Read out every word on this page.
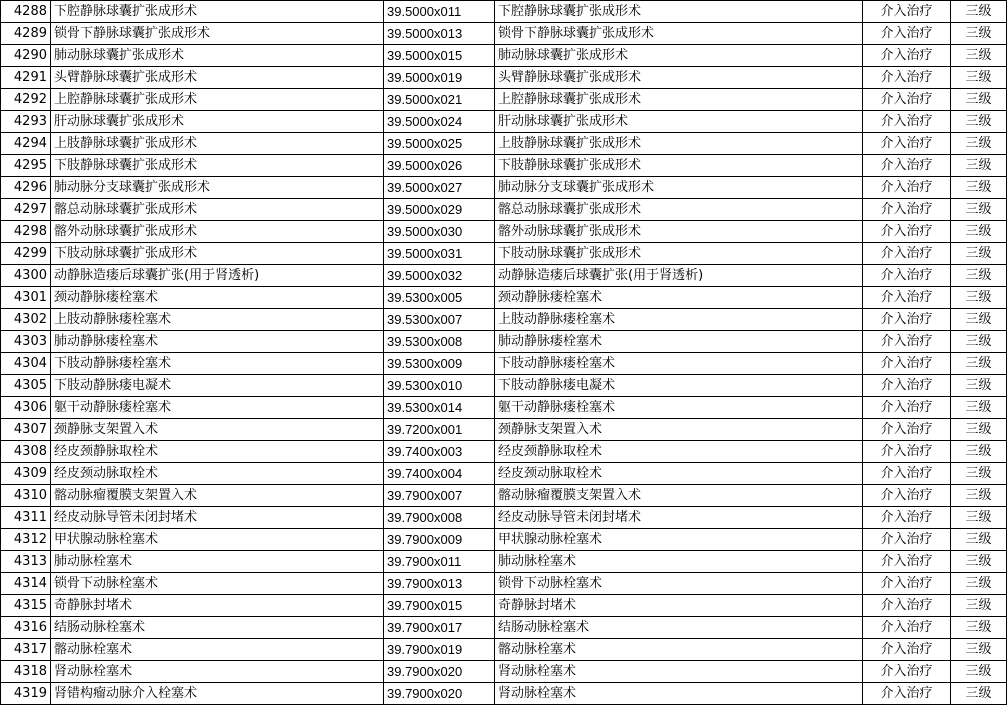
4288	下腔静脉球囊扩张成形术	39.5000x011	下腔静脉球囊扩张成形术	介入治疗	三级
4289	锁骨下静脉球囊扩张成形术	39.5000x013	锁骨下静脉球囊扩张成形术	介入治疗	三级
4290	肺动脉球囊扩张成形术	39.5000x015	肺动脉球囊扩张成形术	介入治疗	三级
4291	头臂静脉球囊扩张成形术	39.5000x019	头臂静脉球囊扩张成形术	介入治疗	三级
4292	上腔静脉球囊扩张成形术	39.5000x021	上腔静脉球囊扩张成形术	介入治疗	三级
4293	肝动脉球囊扩张成形术	39.5000x024	肝动脉球囊扩张成形术	介入治疗	三级
4294	上肢静脉球囊扩张成形术	39.5000x025	上肢静脉球囊扩张成形术	介入治疗	三级
4295	下肢静脉球囊扩张成形术	39.5000x026	下肢静脉球囊扩张成形术	介入治疗	三级
4296	肺动脉分支球囊扩张成形术	39.5000x027	肺动脉分支球囊扩张成形术	介入治疗	三级
4297	髂总动脉球囊扩张成形术	39.5000x029	髂总动脉球囊扩张成形术	介入治疗	三级
4298	髂外动脉球囊扩张成形术	39.5000x030	髂外动脉球囊扩张成形术	介入治疗	三级
4299	下肢动脉球囊扩张成形术	39.5000x031	下肢动脉球囊扩张成形术	介入治疗	三级
4300	动静脉造瘘后球囊扩张(用于肾透析)	39.5000x032	动静脉造瘘后球囊扩张(用于肾透析)	介入治疗	三级
4301	颈动静脉瘘栓塞术	39.5300x005	颈动静脉瘘栓塞术	介入治疗	三级
4302	上肢动静脉瘘栓塞术	39.5300x007	上肢动静脉瘘栓塞术	介入治疗	三级
4303	肺动静脉瘘栓塞术	39.5300x008	肺动静脉瘘栓塞术	介入治疗	三级
4304	下肢动静脉瘘栓塞术	39.5300x009	下肢动静脉瘘栓塞术	介入治疗	三级
4305	下肢动静脉瘘电凝术	39.5300x010	下肢动静脉瘘电凝术	介入治疗	三级
4306	躯干动静脉瘘栓塞术	39.5300x014	躯干动静脉瘘栓塞术	介入治疗	三级
4307	颈静脉支架置入术	39.7200x001	颈静脉支架置入术	介入治疗	三级
4308	经皮颈静脉取栓术	39.7400x003	经皮颈静脉取栓术	介入治疗	三级
4309	经皮颈动脉取栓术	39.7400x004	经皮颈动脉取栓术	介入治疗	三级
4310	髂动脉瘤覆膜支架置入术	39.7900x007	髂动脉瘤覆膜支架置入术	介入治疗	三级
4311	经皮动脉导管未闭封堵术	39.7900x008	经皮动脉导管未闭封堵术	介入治疗	三级
4312	甲状腺动脉栓塞术	39.7900x009	甲状腺动脉栓塞术	介入治疗	三级
4313	肺动脉栓塞术	39.7900x011	肺动脉栓塞术	介入治疗	三级
4314	锁骨下动脉栓塞术	39.7900x013	锁骨下动脉栓塞术	介入治疗	三级
4315	奇静脉封堵术	39.7900x015	奇静脉封堵术	介入治疗	三级
4316	结肠动脉栓塞术	39.7900x017	结肠动脉栓塞术	介入治疗	三级
4317	髂动脉栓塞术	39.7900x019	髂动脉栓塞术	介入治疗	三级
4318	肾动脉栓塞术	39.7900x020	肾动脉栓塞术	介入治疗	三级
4319	肾错构瘤动脉介入栓塞术	39.7900x020	肾动脉栓塞术	介入治疗	三级
